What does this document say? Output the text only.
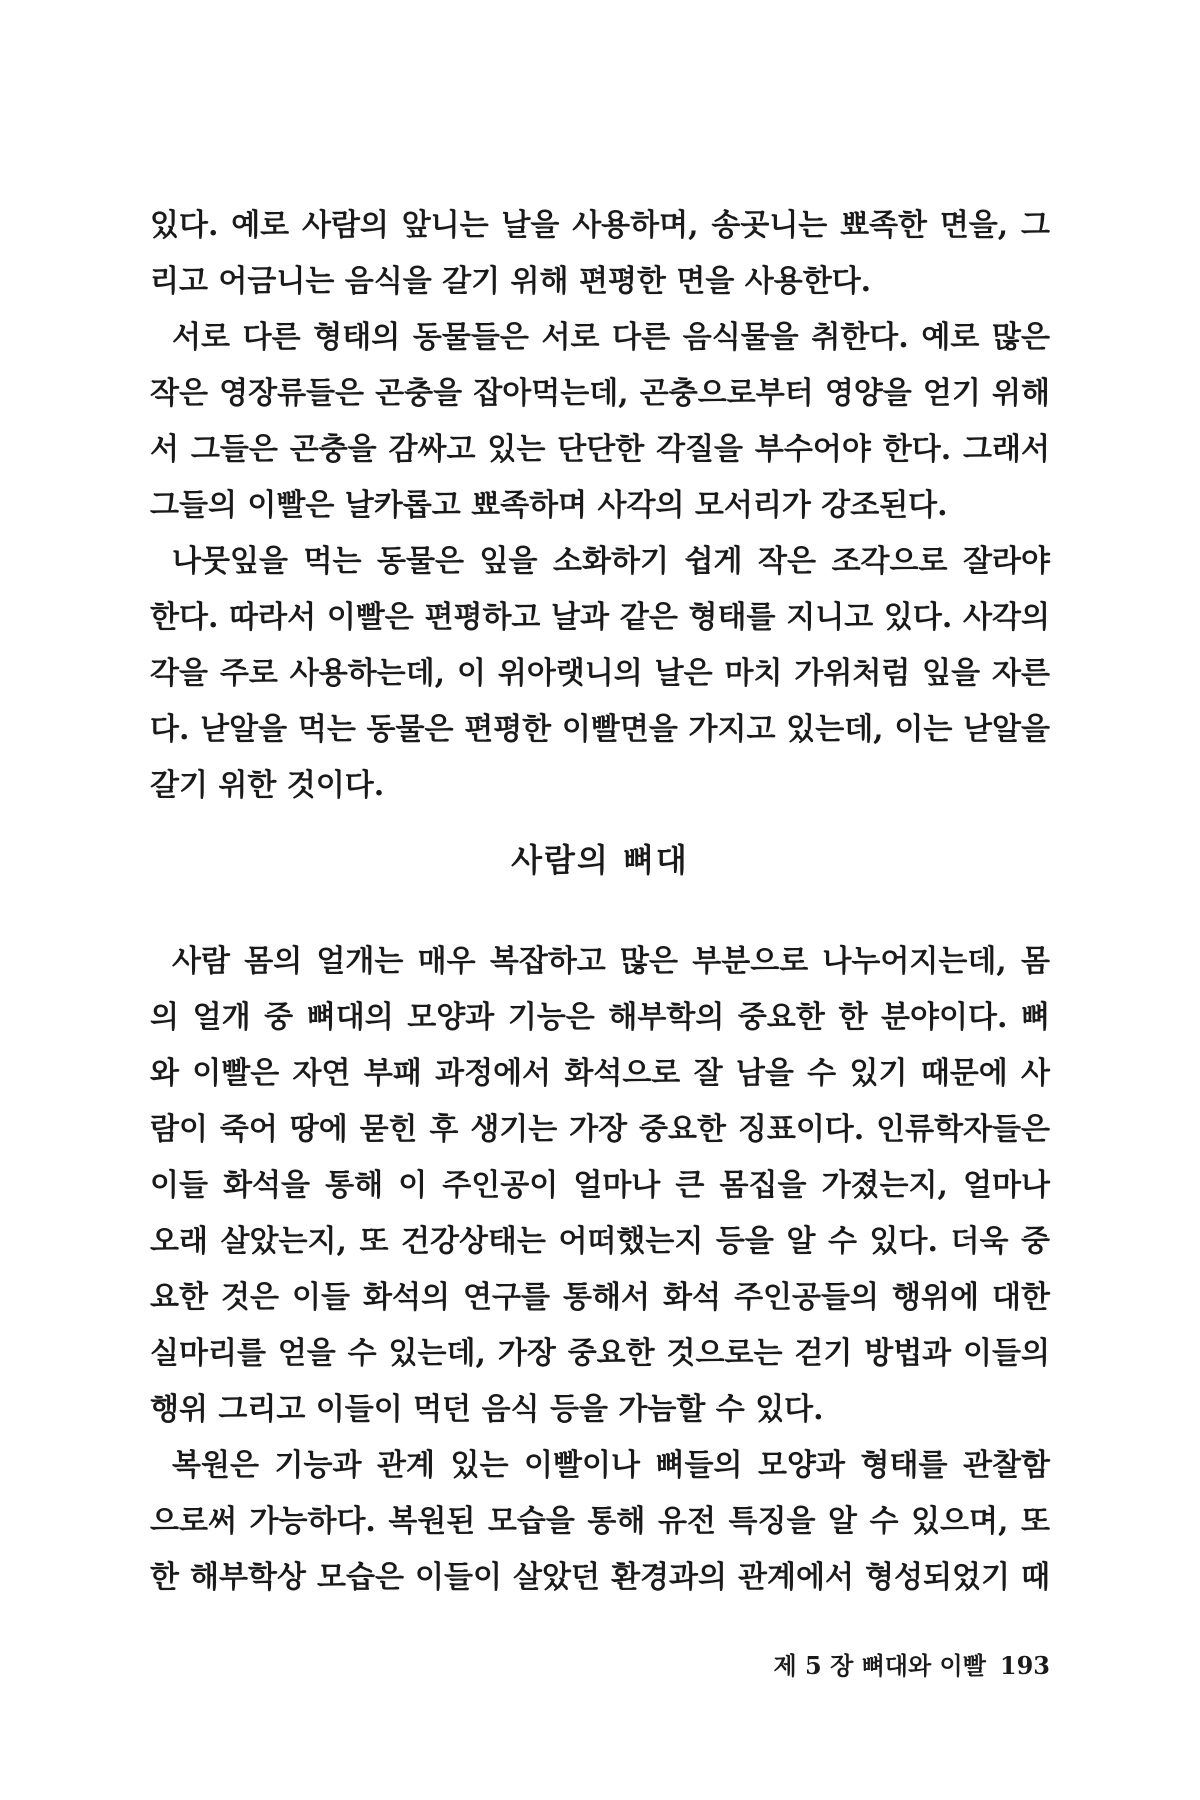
있다. 예로 사람의 앞니는 날을 사용하며, 송곳니는 뾰족한 면을, 그
리고 어금니는 음식을 갈기 위해 편평한 면을 사용한다.
서로 다른 형태의 동물들은 서로 다른 음식물을 취한다. 예로 많은
작은 영장류들은 곤충을 잡아먹는데, 곤충으로부터 영양을 얻기 위해
서 그들은 곤충을 감싸고 있는 단단한 각질을 부수어야 한다. 그래서
그들의 이빨은 날카롭고 뾰족하며 사각의 모서리가 강조된다.
나뭇잎을 먹는 동물은 잎을 소화하기 쉽게 작은 조각으로 잘라야
한다. 따라서 이빨은 편평하고 날과 같은 형태를 지니고 있다. 사각의
각을 주로 사용하는데, 이 위아랫니의 날은 마치 가위처럼 잎을 자른
다. 낟알을 먹는 동물은 편평한 이빨면을 가지고 있는데, 이는 낟알을
갈기 위한 것이다.
사람의 뼈대
사람 몸의 얼개는 매우 복잡하고 많은 부분으로 나누어지는데, 몸
의 얼개 중 뼈대의 모양과 기능은 해부학의 중요한 한 분야이다. 뼈
와 이빨은 자연 부패 과정에서 화석으로 잘 남을 수 있기 때문에 사
람이 죽어 땅에 묻힌 후 생기는 가장 중요한 징표이다. 인류학자들은
이들 화석을 통해 이 주인공이 얼마나 큰 몸집을 가졌는지, 얼마나
오래 살았는지, 또 건강상태는 어떠했는지 등을 알 수 있다. 더욱 중
요한 것은 이들 화석의 연구를 통해서 화석 주인공들의 행위에 대한
실마리를 얻을 수 있는데, 가장 중요한 것으로는 걷기 방법과 이들의
행위 그리고 이들이 먹던 음식 등을 가늠할 수 있다.
복원은 기능과 관계 있는 이빨이나 뼈들의 모양과 형태를 관찰함
으로써 가능하다. 복원된 모습을 통해 유전 특징을 알 수 있으며, 또
한 해부학상 모습은 이들이 살았던 환경과의 관계에서 형성되었기 때
제 5 장 뼈대와 이빨 193
